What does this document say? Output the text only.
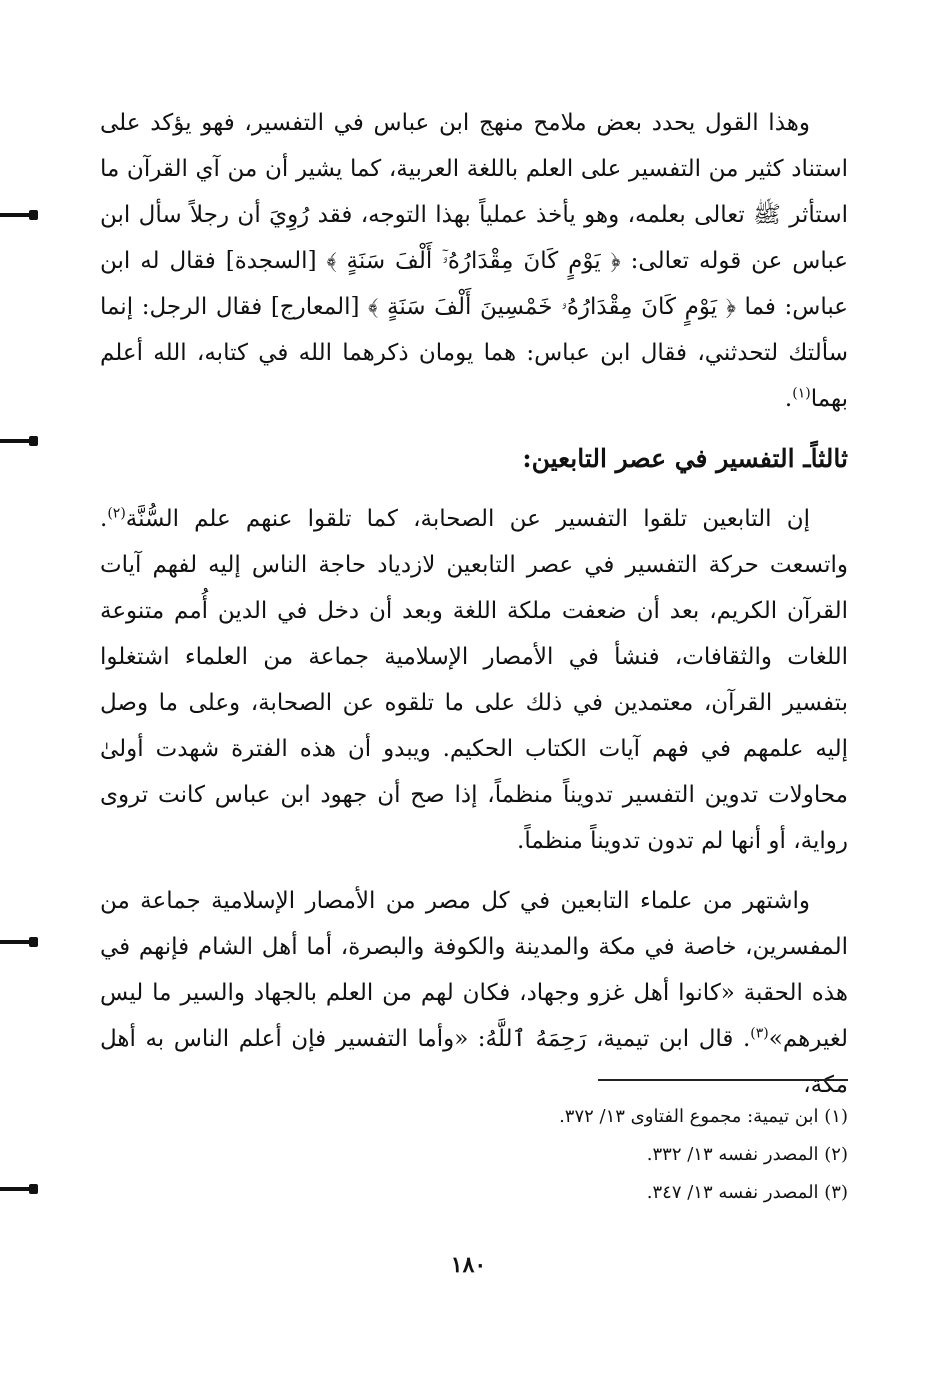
وهذا القول يحدد بعض ملامح منهج ابن عباس في التفسير، فهو يؤكد على استناد كثير من التفسير على العلم باللغة العربية، كما يشير أن من آي القرآن ما استأثر ﷺ تعالى بعلمه، وهو يأخذ عملياً بهذا التوجه، فقد رُوِيَ أن رجلاً سأل ابن عباس عن قوله تعالى: ﴿ يَوْمٍ كَانَ مِقْدَارُهُۥٓ أَلْفَ سَنَةٍ ﴾ [السجدة] فقال له ابن عباس: فما ﴿ يَوْمٍ كَانَ مِقْدَارُهُۥ خَمْسِينَ أَلْفَ سَنَةٍ ﴾ [المعارج] فقال الرجل: إنما سألتك لتحدثني، فقال ابن عباس: هما يومان ذكرهما الله في كتابه، الله أعلم بهما$^{(١)}$.

ثالثاًـ التفسير في عصر التابعين:

إن التابعين تلقوا التفسير عن الصحابة، كما تلقوا عنهم علم السُّنَّة$^{(٢)}$. واتسعت حركة التفسير في عصر التابعين لازدياد حاجة الناس إليه لفهم آيات القرآن الكريم، بعد أن ضعفت ملكة اللغة وبعد أن دخل في الدين أُمم متنوعة اللغات والثقافات، فنشأ في الأمصار الإسلامية جماعة من العلماء اشتغلوا بتفسير القرآن، معتمدين في ذلك على ما تلقوه عن الصحابة، وعلى ما وصل إليه علمهم في فهم آيات الكتاب الحكيم. ويبدو أن هذه الفترة شهدت أولىٰ محاولات تدوين التفسير تدويناً منظماً، إذا صح أن جهود ابن عباس كانت تروى رواية، أو أنها لم تدون تدويناً منظماً.

واشتهر من علماء التابعين في كل مصر من الأمصار الإسلامية جماعة من المفسرين، خاصة في مكة والمدينة والكوفة والبصرة، أما أهل الشام فإنهم في هذه الحقبة «كانوا أهل غزو وجهاد، فكان لهم من العلم بالجهاد والسير ما ليس لغيرهم»$^{(٣)}$. قال ابن تيمية، رَحِمَهُ ٱللَّهُ: «وأما التفسير فإن أعلم الناس به أهل مكة،

(١) ابن تيمية: مجموع الفتاوى ١٣/ ٣٧٢.

(٢) المصدر نفسه ١٣/ ٣٣٢.

(٣) المصدر نفسه ١٣/ ٣٤٧.

١٨٠
